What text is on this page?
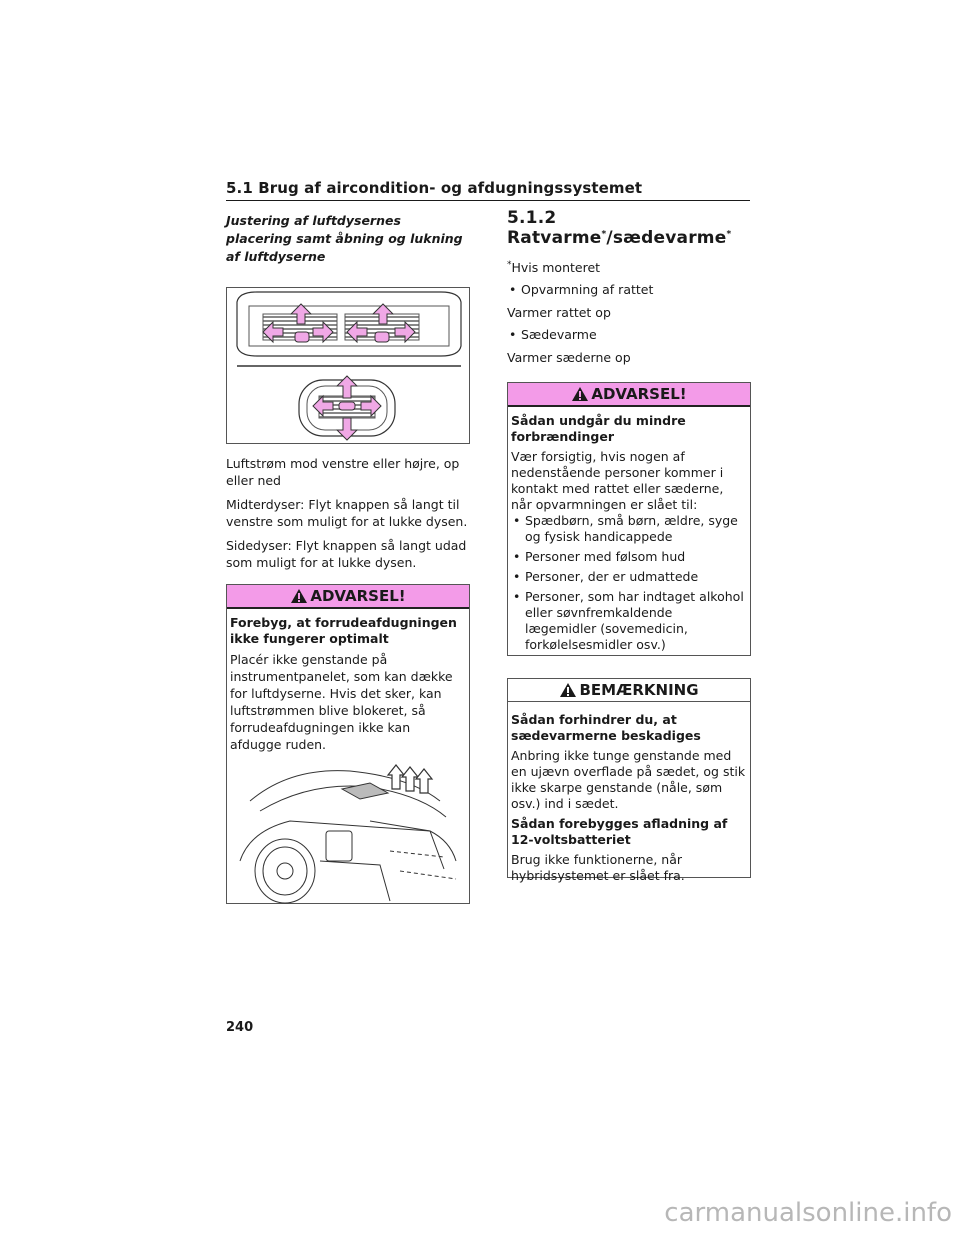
5.1 Brug af aircondition- og afdugningssystemet

Justering af luftdysernes placering samt åbning og lukning af luftdyserne

Luftstrøm mod venstre eller højre, op eller ned

Midterdyser: Flyt knappen så langt til venstre som muligt for at lukke dysen.

Sidedyser: Flyt knappen så langt udad som muligt for at lukke dysen.

ADVARSEL!

Forebyg, at forrudeafdugningen ikke fungerer optimalt

Placér ikke genstande på instrumentpanelet, som kan dække for luftdyserne. Hvis det sker, kan luftstrømmen blive blokeret, så forrudeafdugningen ikke kan afdugge ruden.

5.1.2 Ratvarme*/sædevarme*

*Hvis monteret

• Opvarmning af rattet

Varmer rattet op

• Sædevarme

Varmer sæderne op

ADVARSEL!

Sådan undgår du mindre forbrændinger

Vær forsigtig, hvis nogen af nedenstående personer kommer i kontakt med rattet eller sæderne, når opvarmningen er slået til:

• Spædbørn, små børn, ældre, syge og fysisk handicappede

• Personer med følsom hud

• Personer, der er udmattede

• Personer, som har indtaget alkohol eller søvnfremkaldende lægemidler (sovemedicin, forkølelsesmidler osv.)

BEMÆRKNING

Sådan forhindrer du, at sædevarmerne beskadiges

Anbring ikke tunge genstande med en ujævn overflade på sædet, og stik ikke skarpe genstande (nåle, søm osv.) ind i sædet.

Sådan forebygges afladning af 12-voltsbatteriet

Brug ikke funktionerne, når hybridsystemet er slået fra.

240
carmanualsonline.info
